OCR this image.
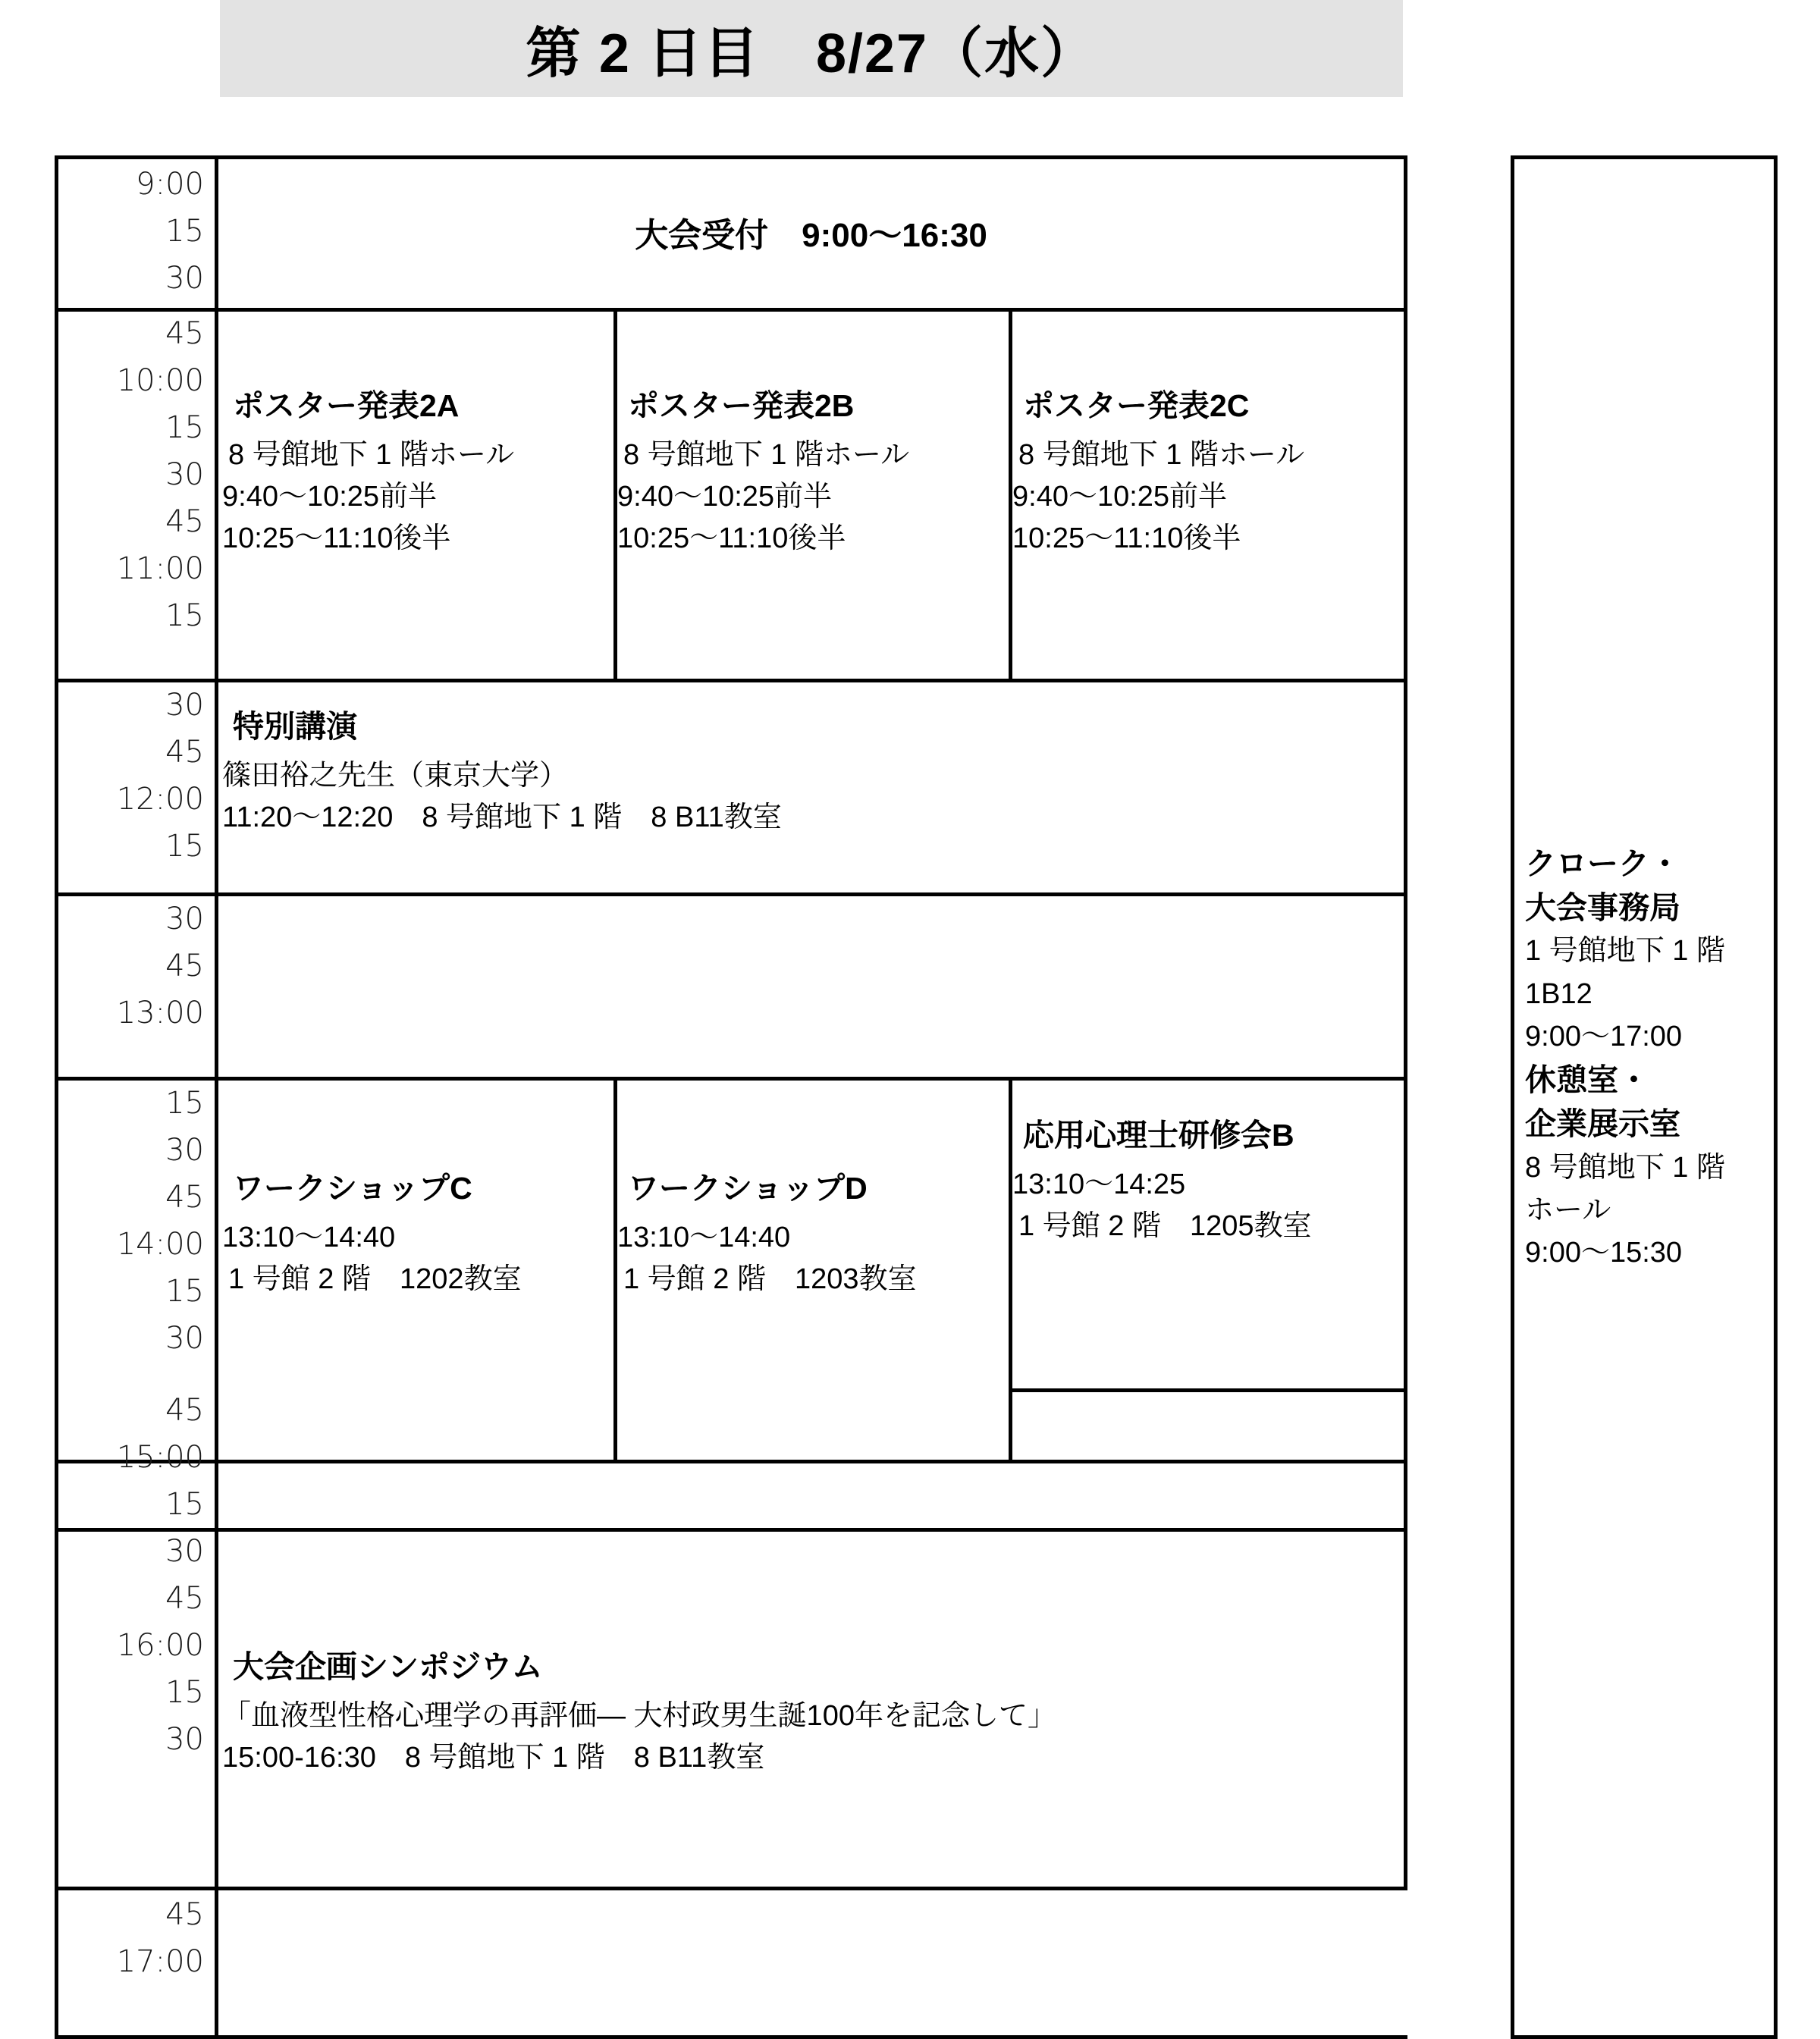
第 2 日目　8/27（水）
9:00
15
30
45
10:00
15
30
45
11:00
15
30
45
12:00
15
30
45
13:00
15
30
45
14:00
15
30
45
15:00
15
30
45
16:00
15
30
45
17:00
大会受付　9:00～16:30
ポスター発表2A
8 号館地下 1 階ホール
9:40～10:25前半
10:25～11:10後半
ポスター発表2B
8 号館地下 1 階ホール
9:40～10:25前半
10:25～11:10後半
ポスター発表2C
8 号館地下 1 階ホール
9:40～10:25前半
10:25～11:10後半
特別講演
篠田裕之先生（東京大学）
11:20～12:20　8 号館地下 1 階　8 B11教室
ワークショップC
13:10～14:40
1 号館 2 階　1202教室
ワークショップD
13:10～14:40
1 号館 2 階　1203教室
応用心理士研修会B
13:10～14:25
1 号館 2 階　1205教室
大会企画シンポジウム
「血液型性格心理学の再評価— 大村政男生誕100年を記念して」
15:00-16:30　8 号館地下 1 階　8 B11教室
クローク・
大会事務局
1 号館地下 1 階
1B12
9:00～17:00
休憩室・
企業展示室
8 号館地下 1 階
ホール
9:00～15:30
